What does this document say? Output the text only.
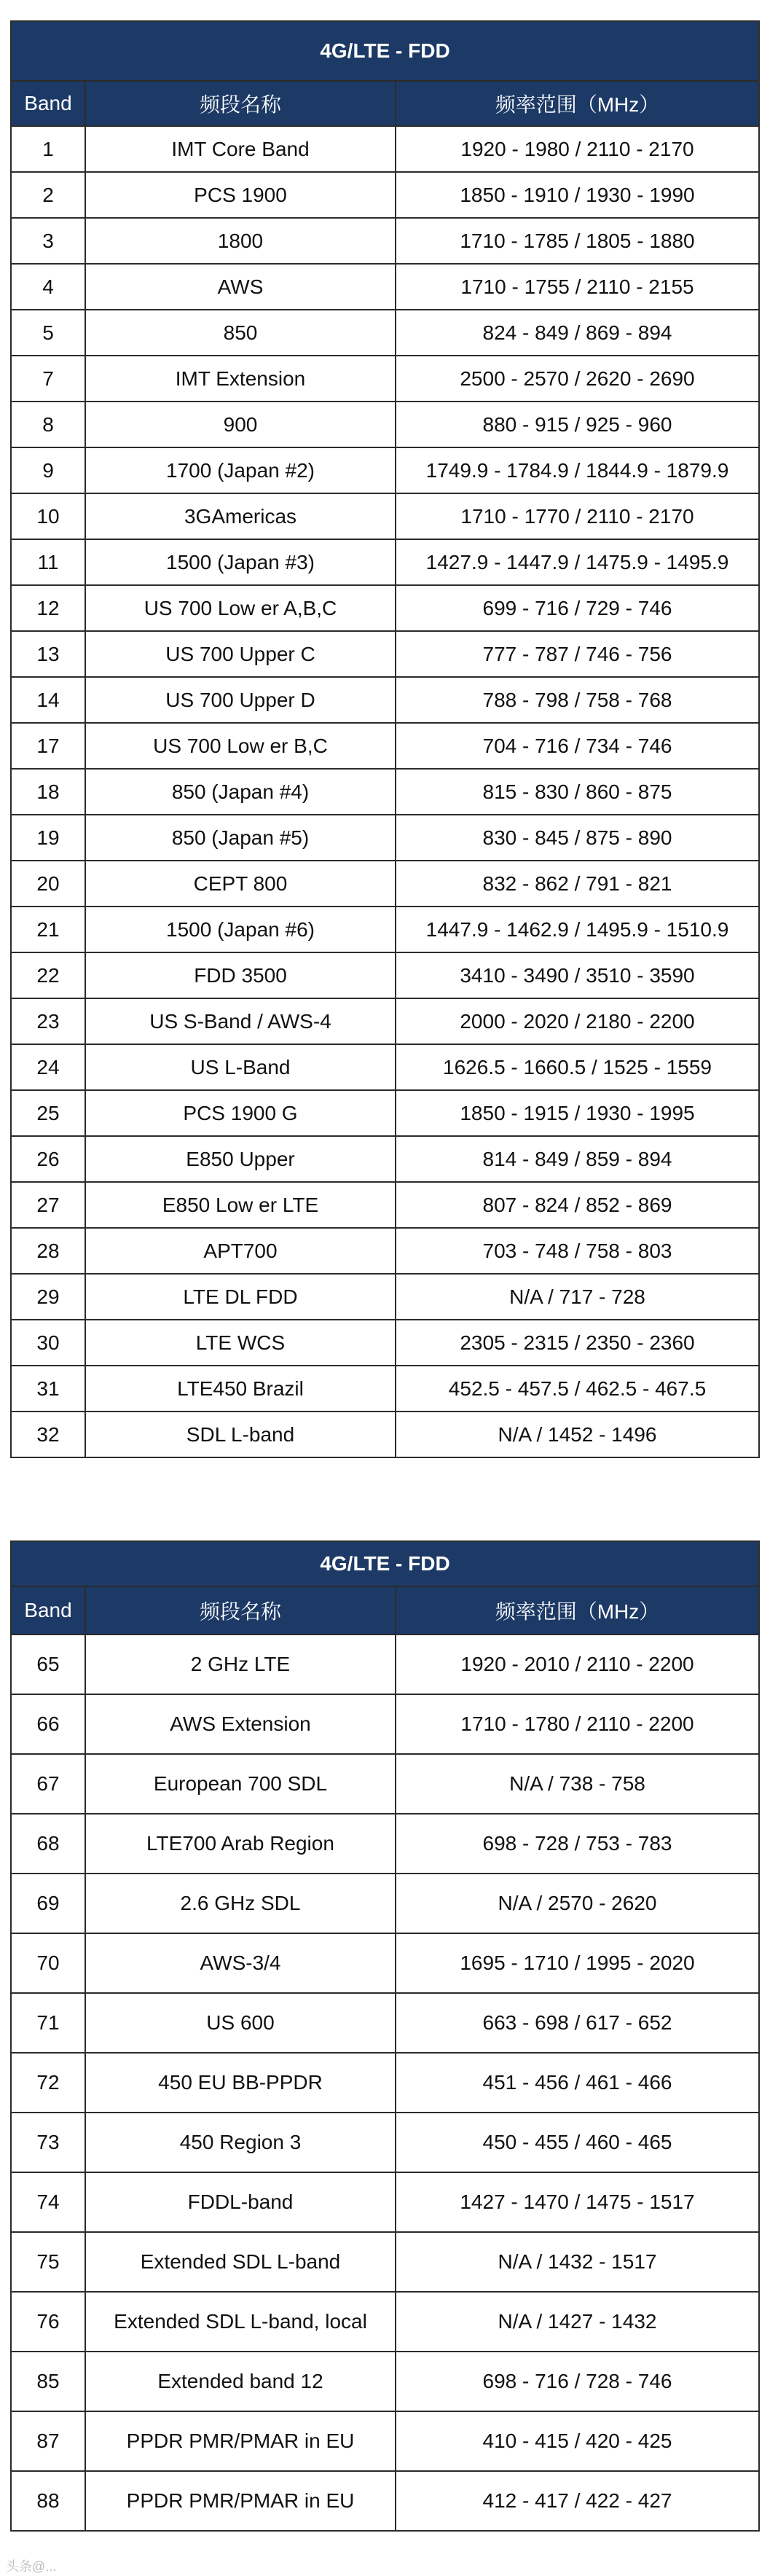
4G/LTE - FDD		
Band	频段名称	频率范围（MHz）
1	IMT Core Band	1920 - 1980 / 2110 - 2170
2	PCS 1900	1850 - 1910 / 1930 - 1990
3	1800	1710 - 1785 / 1805 - 1880
4	AWS	1710 - 1755 / 2110 - 2155
5	850	824 - 849 / 869 - 894
7	IMT Extension	2500 - 2570 / 2620 - 2690
8	900	880 - 915 / 925 - 960
9	1700 (Japan #2)	1749.9 - 1784.9 / 1844.9 - 1879.9
10	3GAmericas	1710 - 1770 / 2110 - 2170
11	1500 (Japan #3)	1427.9 - 1447.9 / 1475.9 - 1495.9
12	US 700 Low er A,B,C	699 - 716 / 729 - 746
13	US 700 Upper C	777 - 787 / 746 - 756
14	US 700 Upper D	788 - 798 / 758 - 768
17	US 700 Low er B,C	704 - 716 / 734 - 746
18	850 (Japan #4)	815 - 830 / 860 - 875
19	850 (Japan #5)	830 - 845 / 875 - 890
20	CEPT 800	832 - 862 / 791 - 821
21	1500 (Japan #6)	1447.9 - 1462.9 / 1495.9 - 1510.9
22	FDD 3500	3410 - 3490 / 3510 - 3590
23	US S-Band / AWS-4	2000 - 2020 / 2180 - 2200
24	US L-Band	1626.5 - 1660.5 / 1525 - 1559
25	PCS 1900 G	1850 - 1915 / 1930 - 1995
26	E850 Upper	814 - 849 / 859 - 894
27	E850 Low er LTE	807 - 824 / 852 - 869
28	APT700	703 - 748 / 758 - 803
29	LTE DL FDD	N/A / 717 - 728
30	LTE WCS	2305 - 2315 / 2350 - 2360
31	LTE450 Brazil	452.5 - 457.5 / 462.5 - 467.5
32	SDL L-band	N/A / 1452 - 1496
4G/LTE - FDD		
Band	频段名称	频率范围（MHz）
65	2 GHz LTE	1920 - 2010 / 2110 - 2200
66	AWS Extension	1710 - 1780 / 2110 - 2200
67	European 700 SDL	N/A / 738 - 758
68	LTE700 Arab Region	698 - 728 / 753 - 783
69	2.6 GHz SDL	N/A / 2570 - 2620
70	AWS-3/4	1695 - 1710 / 1995 - 2020
71	US 600	663 - 698 / 617 - 652
72	450 EU BB-PPDR	451 - 456 / 461 - 466
73	450 Region 3	450 - 455 / 460 - 465
74	FDDL-band	1427 - 1470 / 1475 - 1517
75	Extended SDL L-band	N/A / 1432 - 1517
76	Extended SDL L-band, local	N/A / 1427 - 1432
85	Extended band 12	698 - 716 / 728 - 746
87	PPDR PMR/PMAR in EU	410 - 415 / 420 - 425
88	PPDR PMR/PMAR in EU	412 - 417 / 422 - 427
头条@...
